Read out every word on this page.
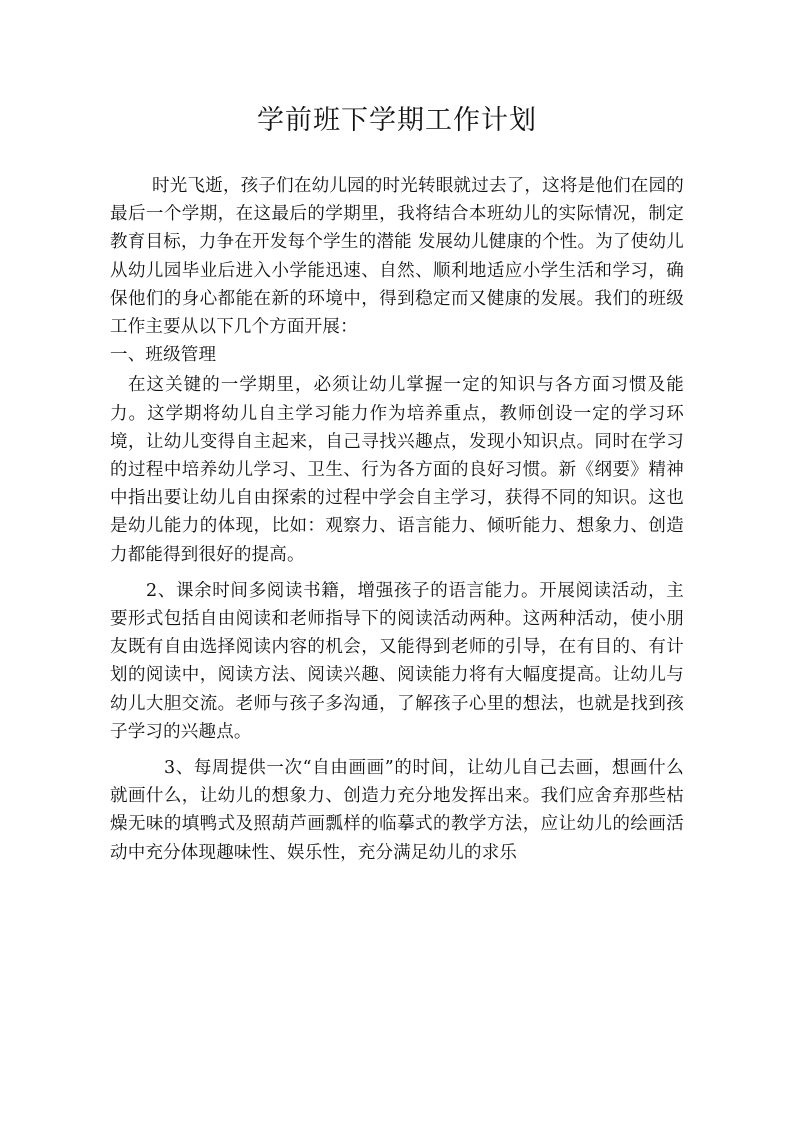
学前班下学期工作计划

时光飞逝，孩子们在幼儿园的时光转眼就过去了，这将是他们在园的最后一个学期，在这最后的学期里，我将结合本班幼儿的实际情况，制定教育目标，力争在开发每个学生的潜能 发展幼儿健康的个性。为了使幼儿从幼儿园毕业后进入小学能迅速、自然、顺利地适应小学生活和学习，确保他们的身心都能在新的环境中，得到稳定而又健康的发展。我们的班级工作主要从以下几个方面开展：

一、班级管理

在这关键的一学期里，必须让幼儿掌握一定的知识与各方面习惯及能力。这学期将幼儿自主学习能力作为培养重点，教师创设一定的学习环境，让幼儿变得自主起来，自己寻找兴趣点，发现小知识点。同时在学习的过程中培养幼儿学习、卫生、行为各方面的良好习惯。新《纲要》精神中指出要让幼儿自由探索的过程中学会自主学习，获得不同的知识。这也是幼儿能力的体现，比如：观察力、语言能力、倾听能力、想象力、创造力都能得到很好的提高。

2、课余时间多阅读书籍，增强孩子的语言能力。开展阅读活动，主要形式包括自由阅读和老师指导下的阅读活动两种。这两种活动，使小朋友既有自由选择阅读内容的机会，又能得到老师的引导，在有目的、有计划的阅读中，阅读方法、阅读兴趣、阅读能力将有大幅度提高。让幼儿与幼儿大胆交流。老师与孩子多沟通，了解孩子心里的想法，也就是找到孩子学习的兴趣点。

3、每周提供一次“自由画画”的时间，让幼儿自己去画，想画什么就画什么，让幼儿的想象力、创造力充分地发挥出来。我们应舍弃那些枯燥无味的填鸭式及照葫芦画瓢样的临摹式的教学方法，应让幼儿的绘画活动中充分体现趣味性、娱乐性，充分满足幼儿的求乐
